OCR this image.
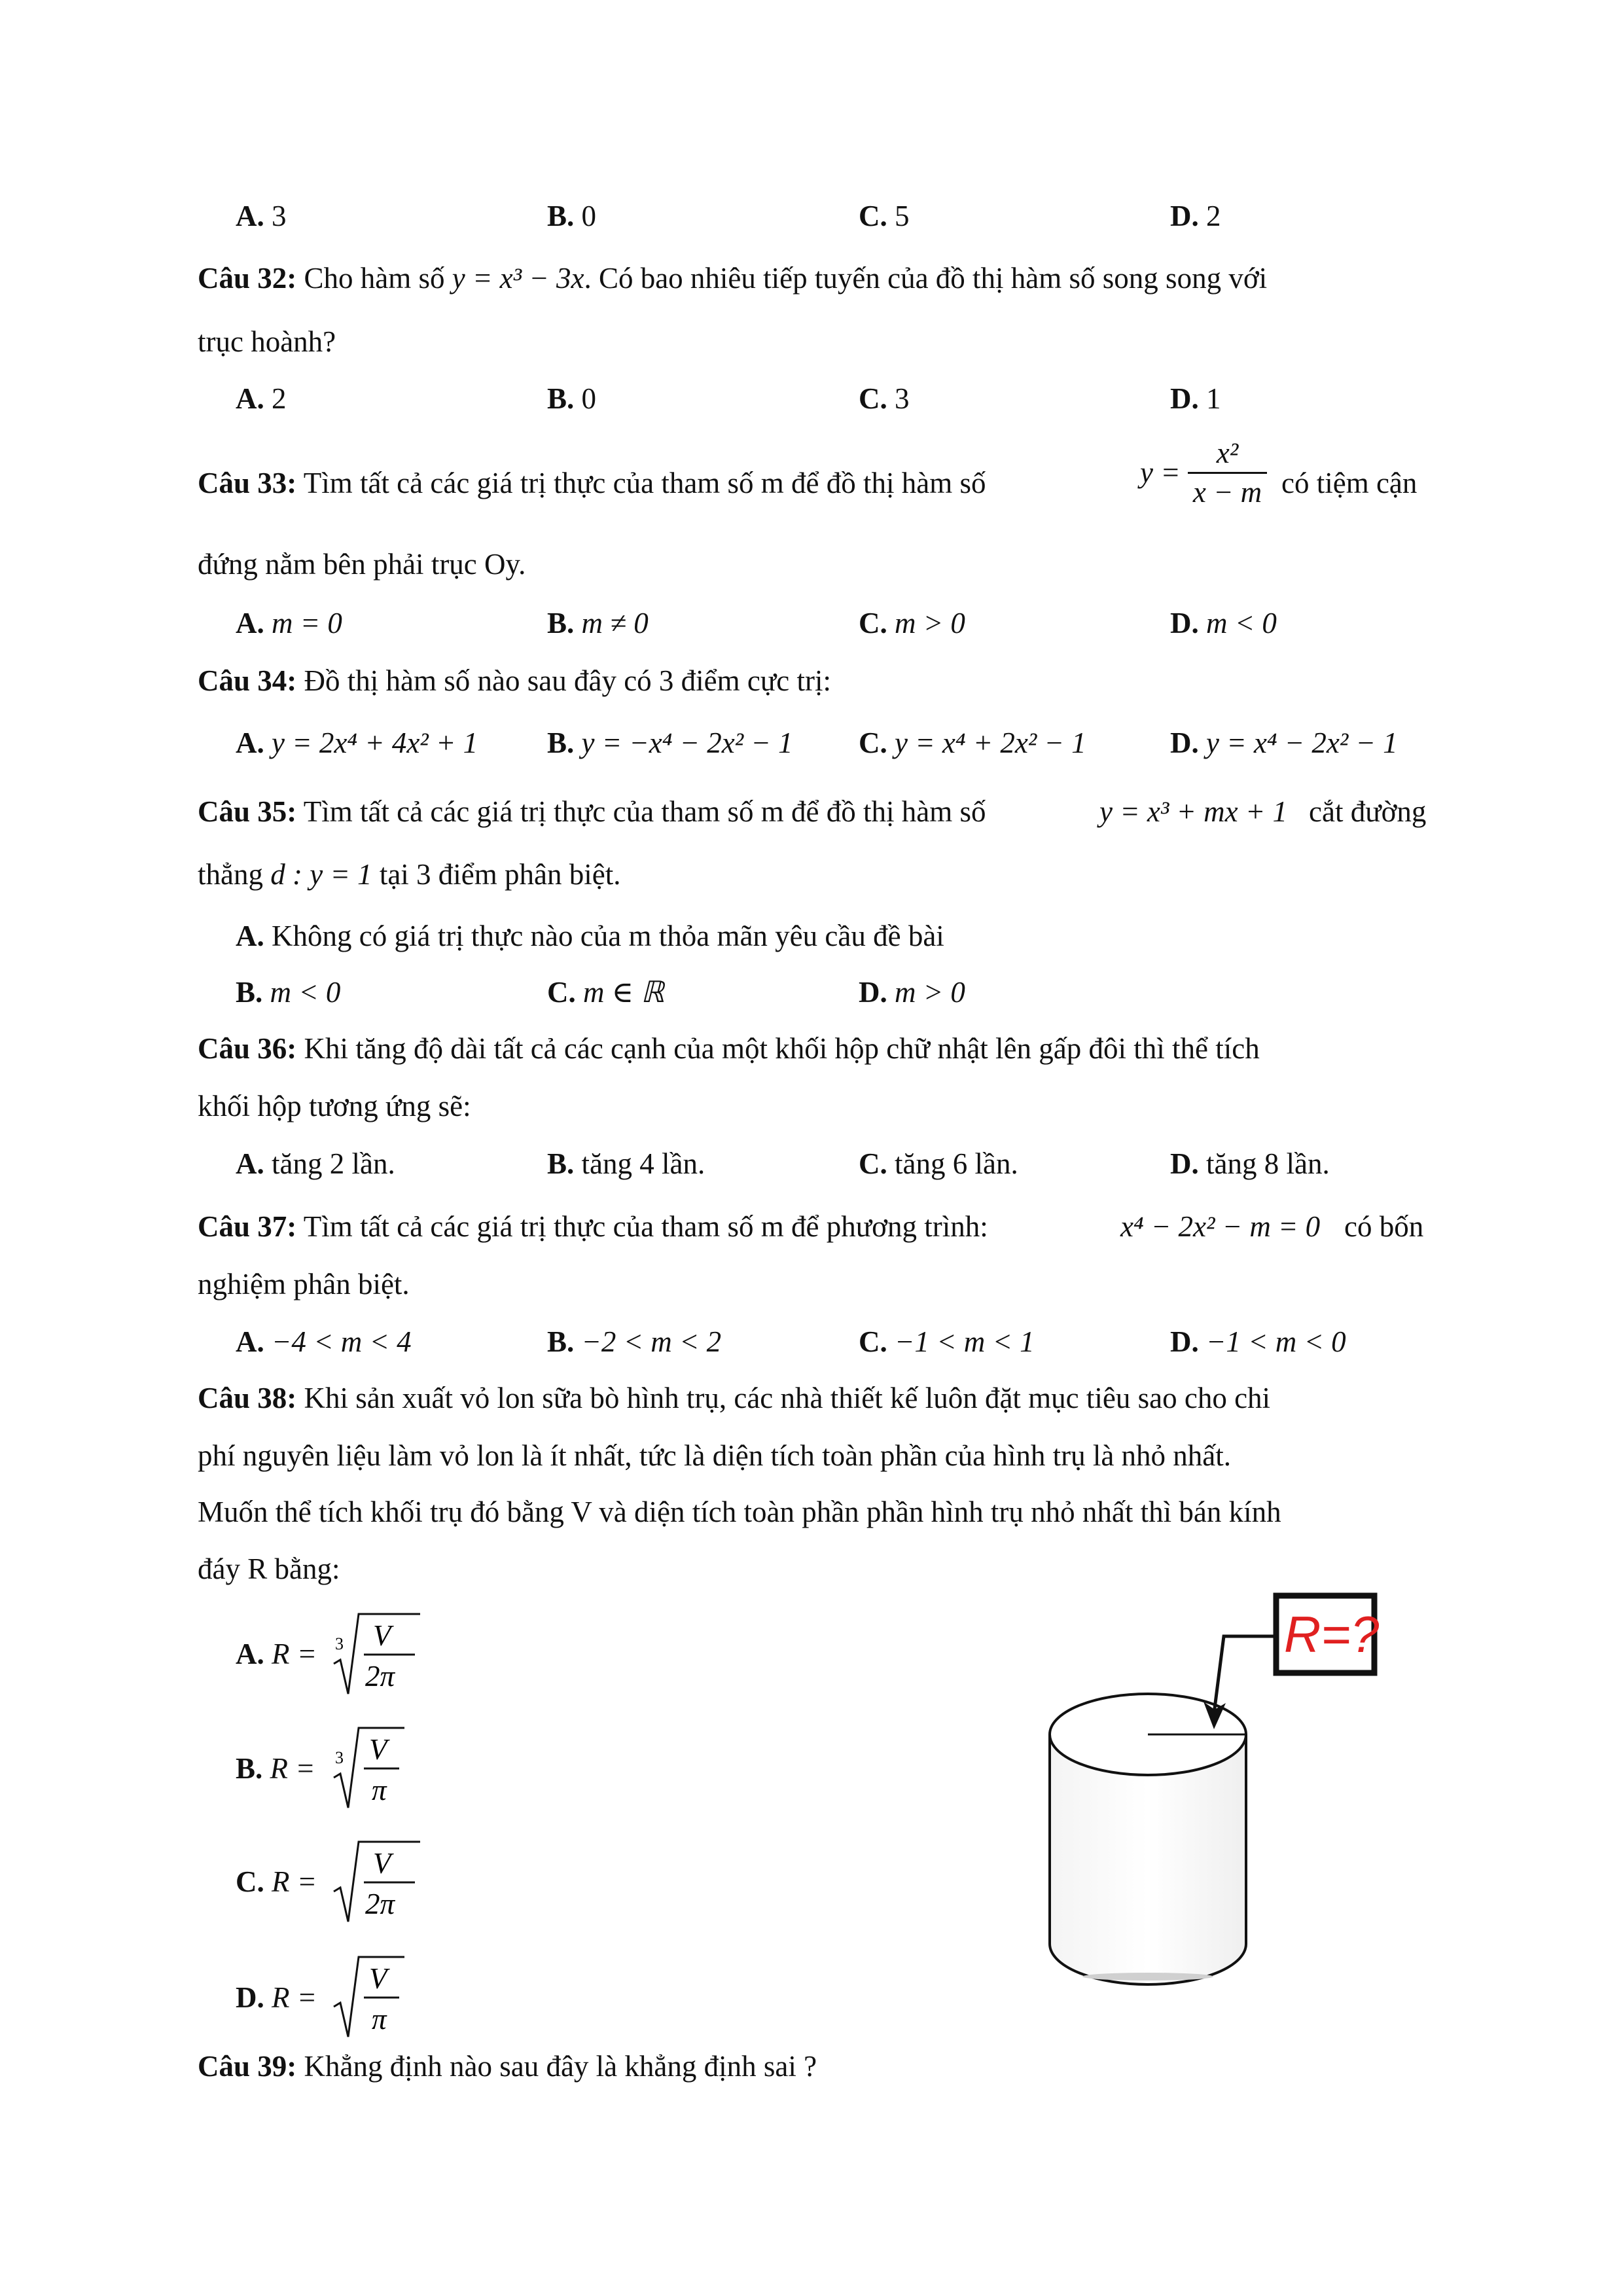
A. 3	B. 0	C. 5	D. 2
Câu 32: Cho hàm số y = x³ − 3x. Có bao nhiêu tiếp tuyến của đồ thị hàm số song song với
trục hoành?
A. 2	B. 0	C. 3	D. 1
Câu 33: Tìm tất cả các giá trị thực của tham số m để đồ thị hàm số	$y = \frac{\text{x²}}{x - m}$ có tiệm cận
đứng nằm bên phải trục Oy.
A. m = 0	B. m ≠ 0	C. m > 0	D. m < 0
Câu 34: Đồ thị hàm số nào sau đây có 3 điểm cực trị:
A. y = 2x⁴ + 4x² + 1 B. y = −x⁴ − 2x² − 1 C. y = x⁴ + 2x² − 1	D. y = x⁴ − 2x² − 1
Câu 35: Tìm tất cả các giá trị thực của tham số m để đồ thị hàm số	y = x³ + mx + 1 cắt đường
thẳng d : y = 1 tại 3 điểm phân biệt.
A. Không có giá trị thực nào của m thỏa mãn yêu cầu đề bài
B. m < 0	C. m ∈ ℝ	D. m > 0
Câu 36: Khi tăng độ dài tất cả các cạnh của một khối hộp chữ nhật lên gấp đôi thì thể tích
khối hộp tương ứng sẽ:
A. tăng 2 lần.	B. tăng 4 lần.	C. tăng 6 lần.	D. tăng 8 lần.
Câu 37: Tìm tất cả các giá trị thực của tham số m để phương trình:	x⁴ − 2x² − m = 0 có bốn
nghiệm phân biệt.
A. −4 < m < 4	B. −2 < m < 2	C. −1 < m < 1	D. −1 < m < 0
Câu 38: Khi sản xuất vỏ lon sữa bò hình trụ, các nhà thiết kế luôn đặt mục tiêu sao cho chi
phí nguyên liệu làm vỏ lon là ít nhất, tức là diện tích toàn phần của hình trụ là nhỏ nhất.
Muốn thể tích khối trụ đó bằng V và diện tích toàn phần phần hình trụ nhỏ nhất thì bán kính
đáy R bằng:
A. R = 3 V
2π
B. R = 3 V
π
C. R =
V
2π
D. R =
V
π
R=?
Câu 39: Khẳng định nào sau đây là khẳng định sai ?
